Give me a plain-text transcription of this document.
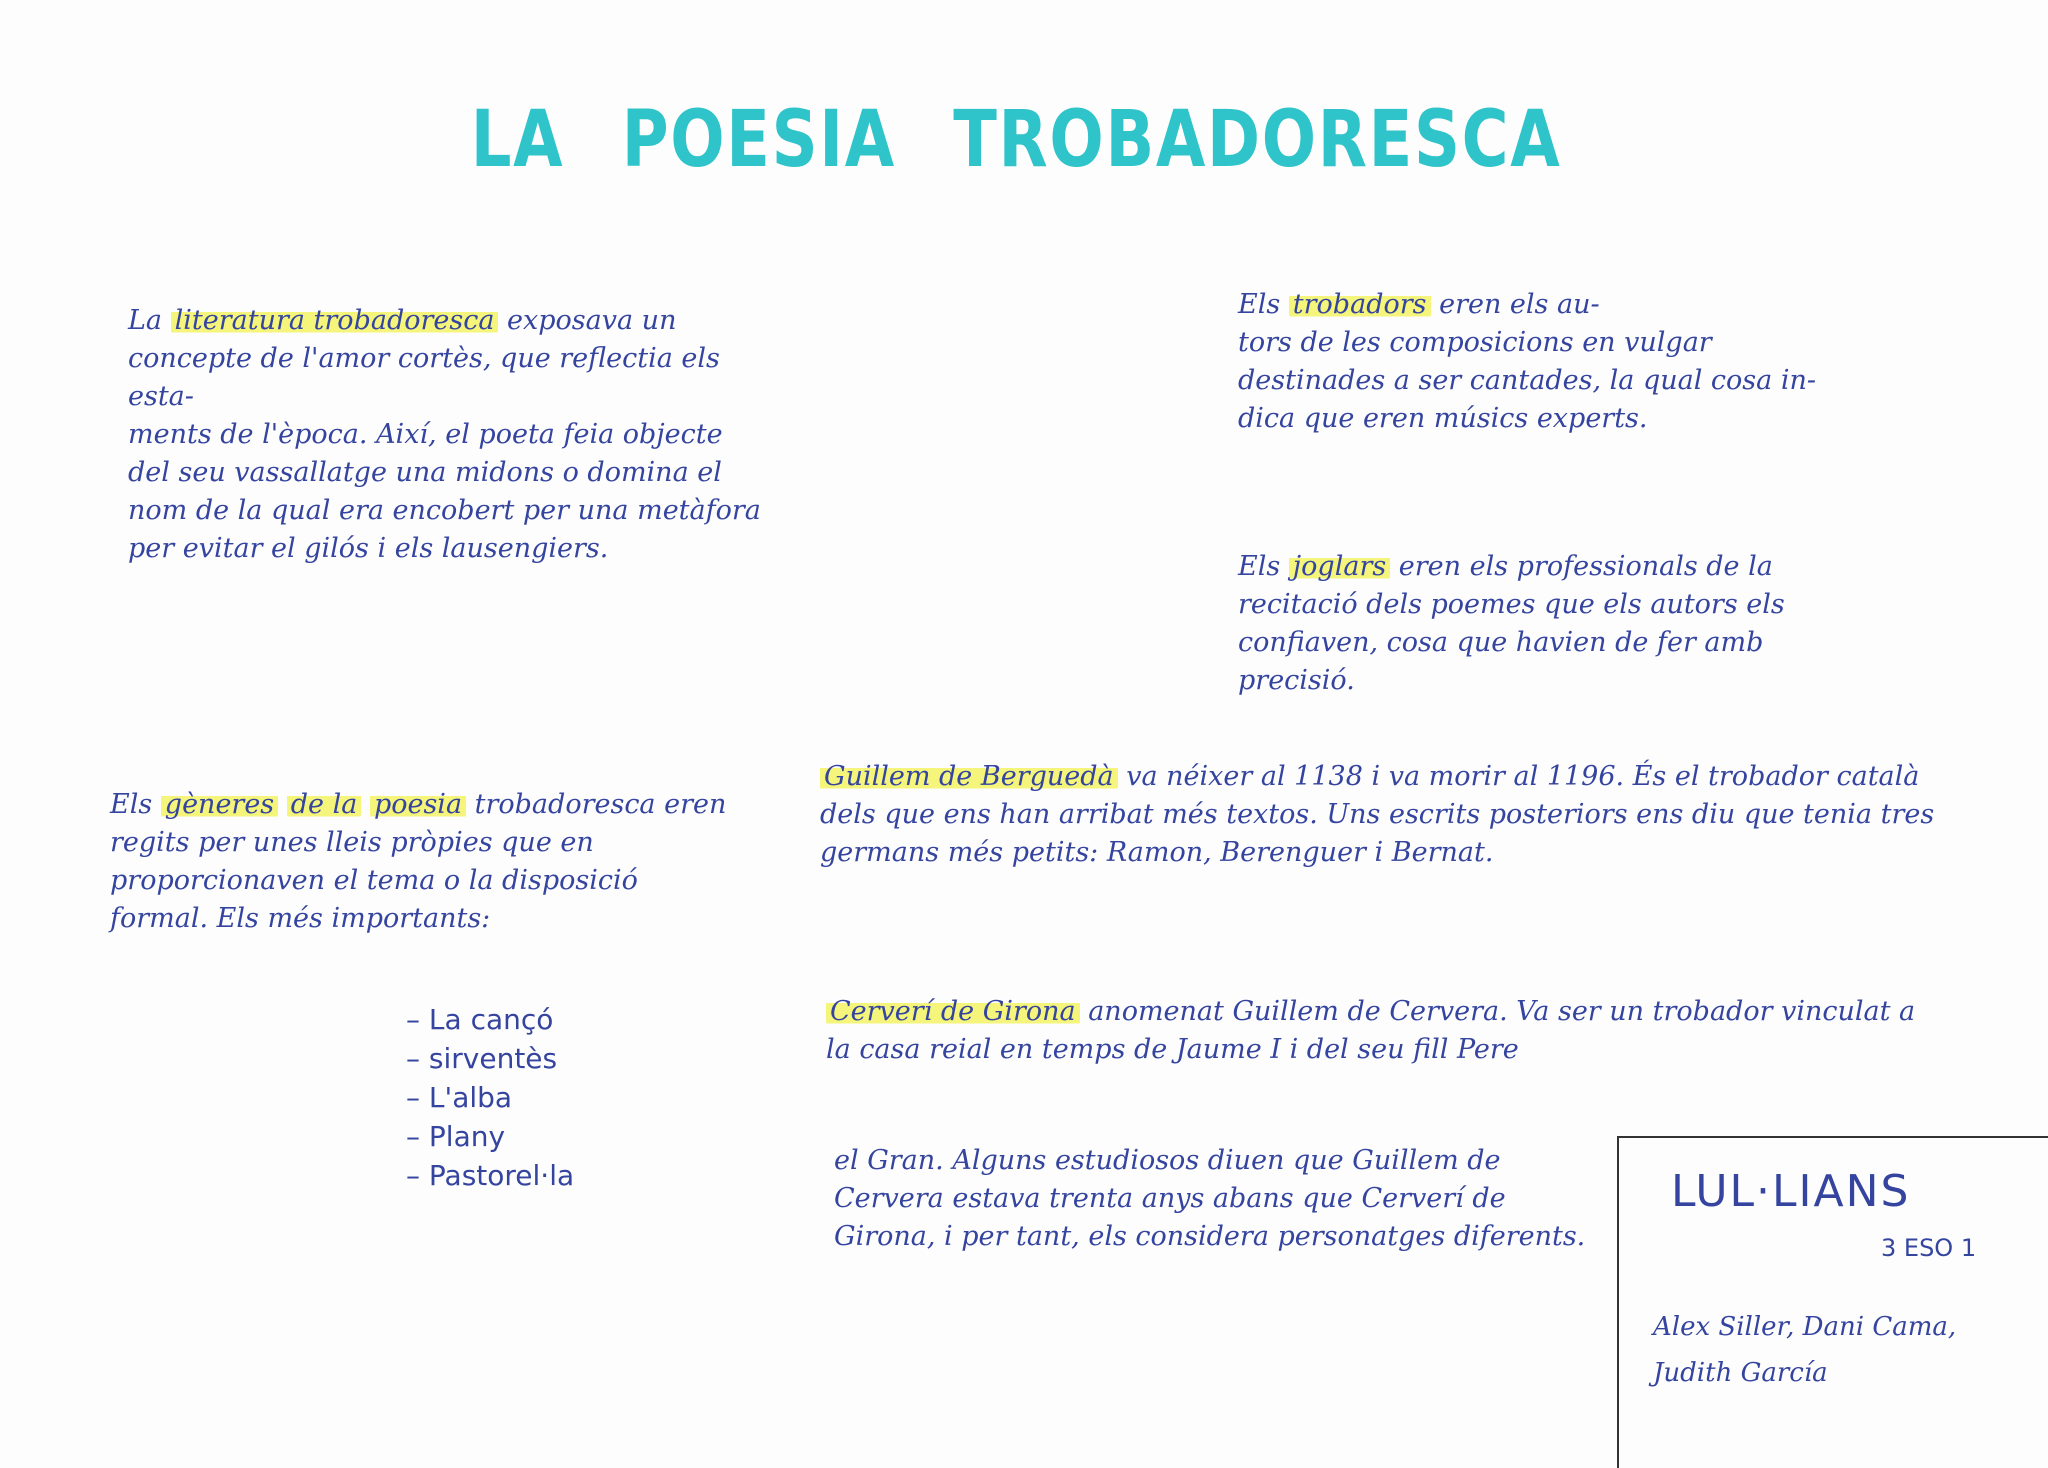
LA POESIA TROBADORESCA
La literatura trobadoresca exposava un concepte de l'amor cortès, que reflectia els esta-
ments de l'època. Així, el poeta feia objecte del seu vassallatge una midons o domina el nom de la qual era encobert per una metàfora per evitar el gilós i els lausengiers.
Els trobadors eren els au-
tors de les composicions en vulgar destinades a ser cantades, la qual cosa in-
dica que eren músics experts.
Els joglars eren els professionals de la recitació dels poemes que els autors els confiaven, cosa que havien de fer amb precisió.
Els gèneres de la poesia trobadoresca eren regits per unes lleis pròpies que en proporcionaven el tema o la disposició formal. Els més importants:
– La cançó
– sirventès
– L'alba
– Plany
– Pastorel·la
Guillem de Berguedà va néixer al 1138 i va morir al 1196. És el trobador català dels que ens han arribat més textos. Uns escrits posteriors ens diu que tenia tres germans més petits: Ramon, Berenguer i Bernat.
Cerverí de Girona anomenat Guillem de Cervera. Va ser un trobador vinculat a la casa reial en temps de Jaume I i del seu fill Pere
el Gran. Alguns estudiosos diuen que Guillem de Cervera estava trenta anys abans que Cerverí de Girona, i per tant, els considera personatges diferents.
LUL·LIANS
3 ESO 1
Alex Siller, Dani Cama, Judith García
